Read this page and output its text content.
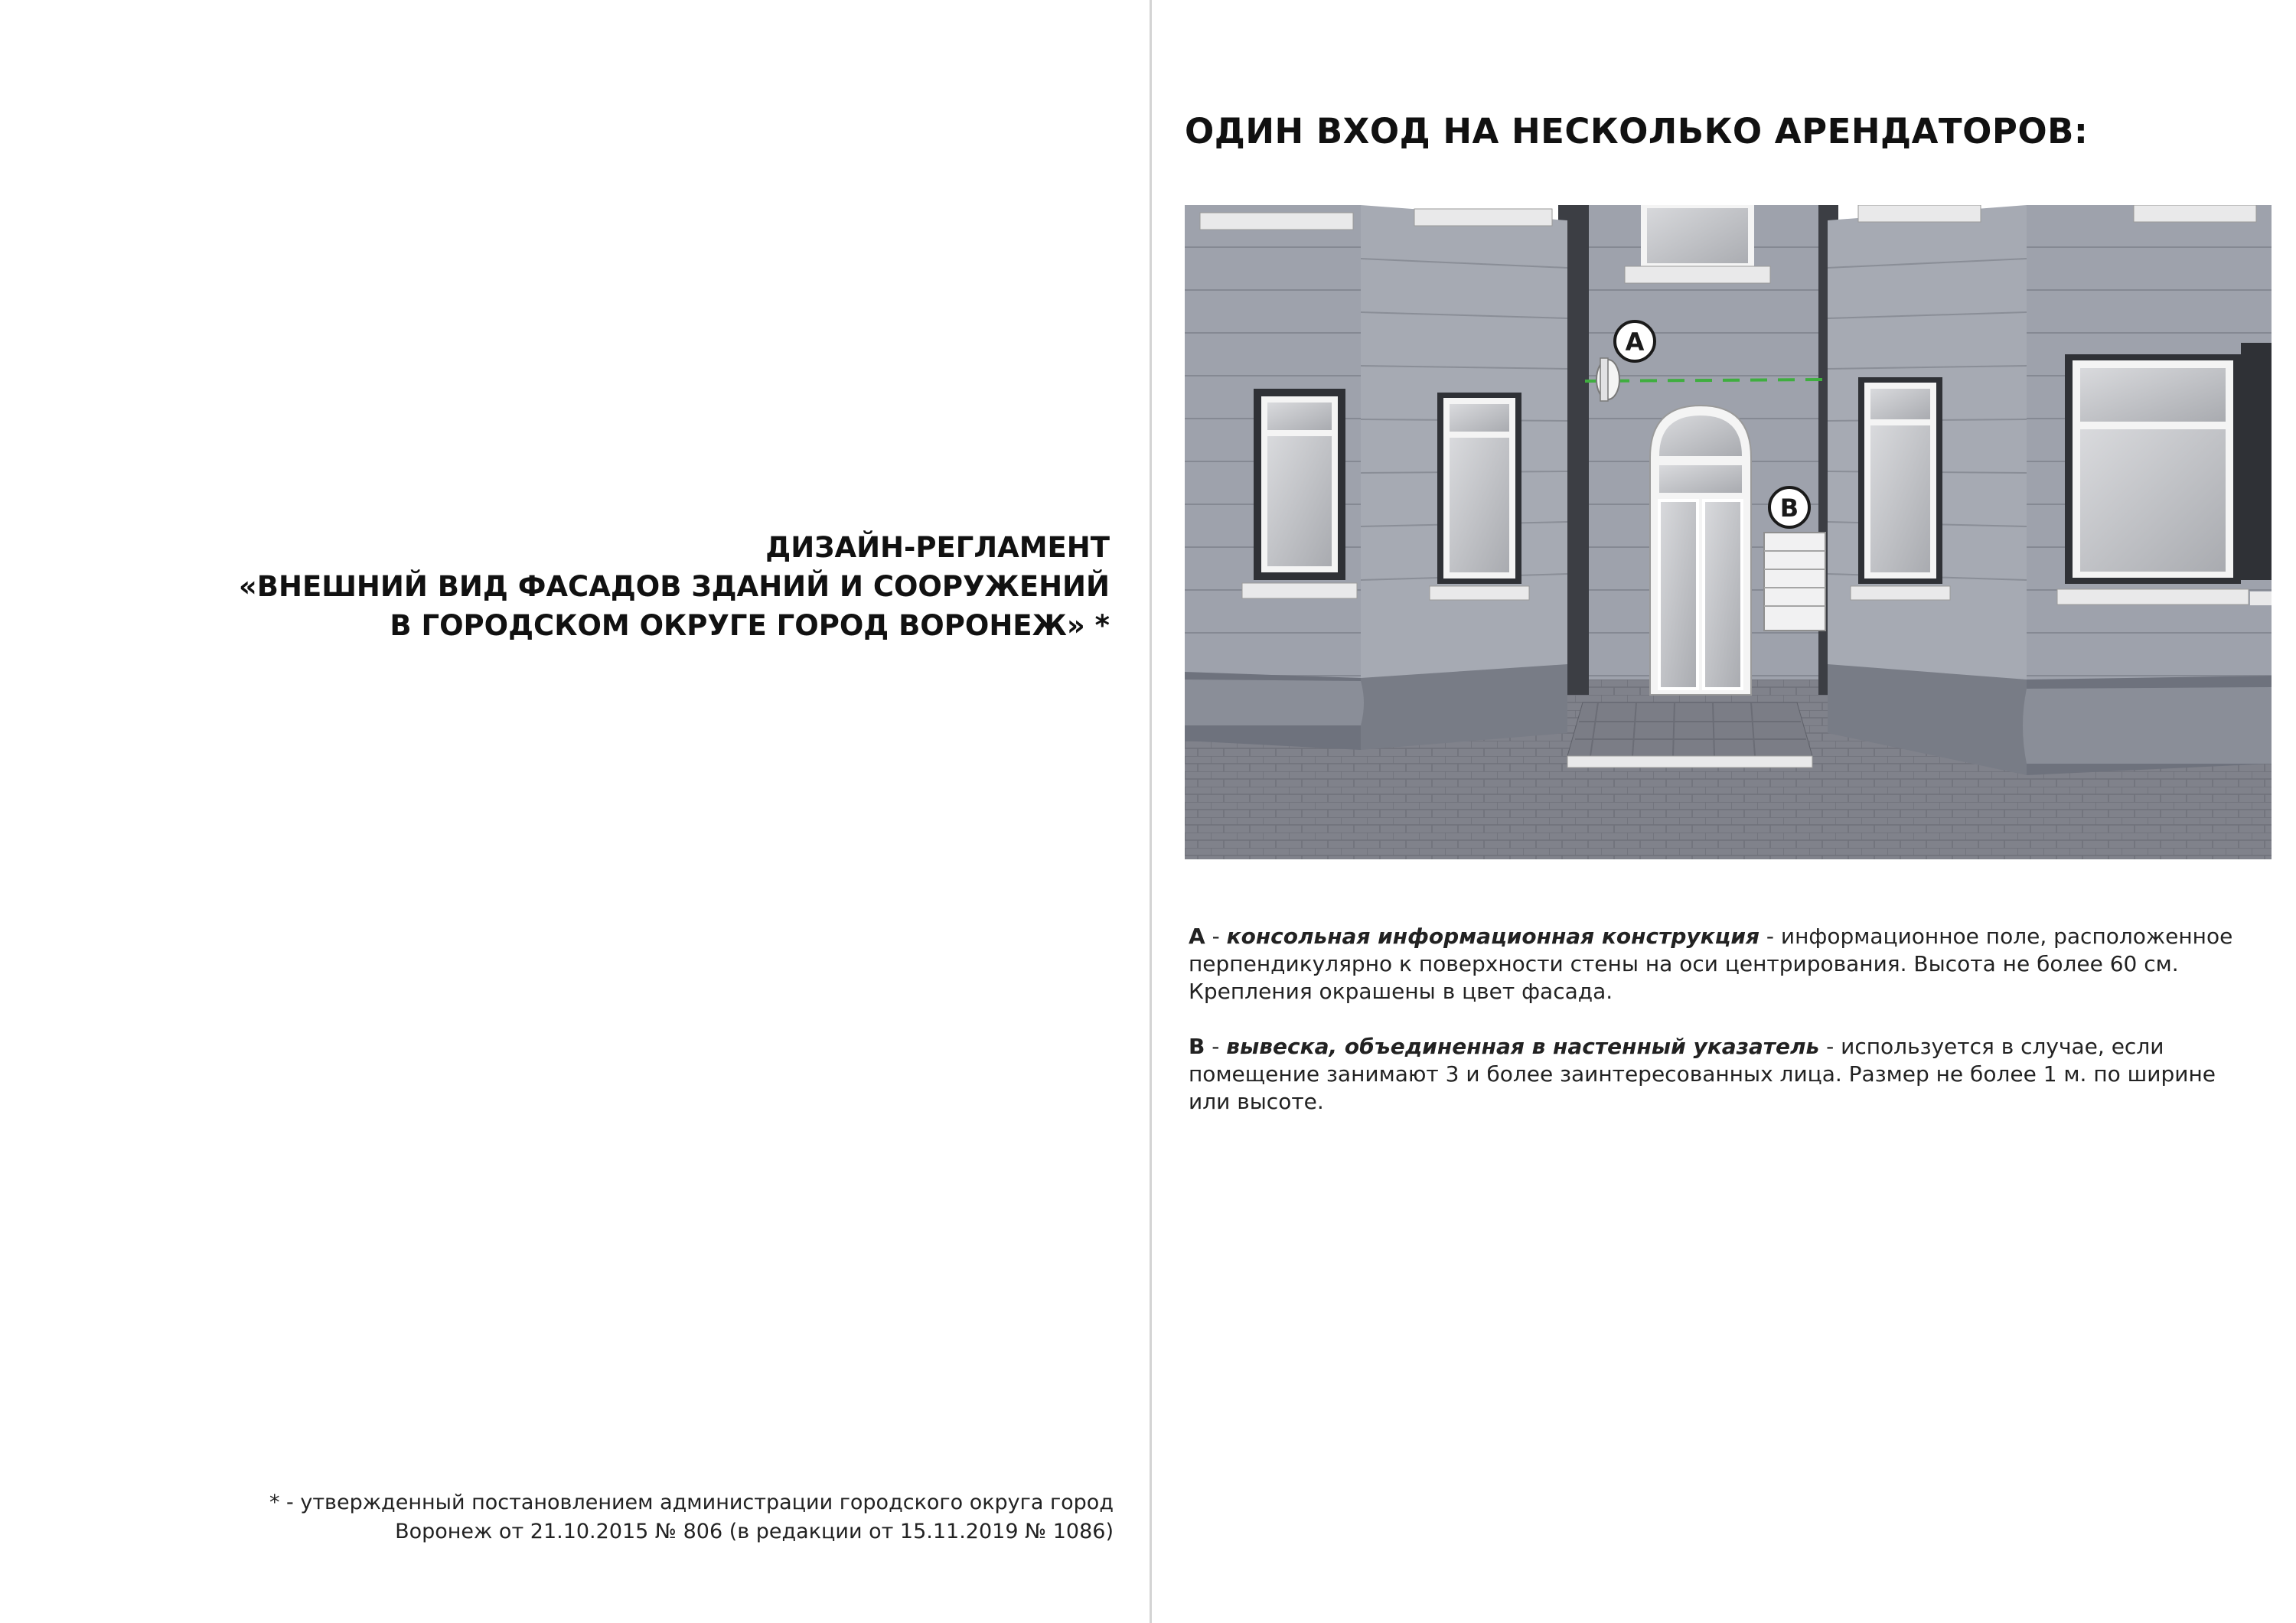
ДИЗАЙН-РЕГЛАМЕНТ
«ВНЕШНИЙ ВИД ФАСАДОВ ЗДАНИЙ И СООРУЖЕНИЙ
В ГОРОДСКОМ ОКРУГЕ ГОРОД ВОРОНЕЖ» *
* - утвержденный постановлением администрации городского округа город
Воронеж от 21.10.2015 № 806 (в редакции от 15.11.2019 № 1086)
ОДИН ВХОД НА НЕСКОЛЬКО АРЕНДАТОРОВ:
A
B
А - консольная информационная конструкция - информационное поле, расположенное перпендикулярно к поверхности стены на оси центрирования. Высота не более 60 см. Крепления окрашены в цвет фасада.
В - вывеска, объединенная в настенный указатель - используется в случае, если помещение занимают 3 и более заинтересованных лица. Размер не более 1 м. по ширине или высоте.
